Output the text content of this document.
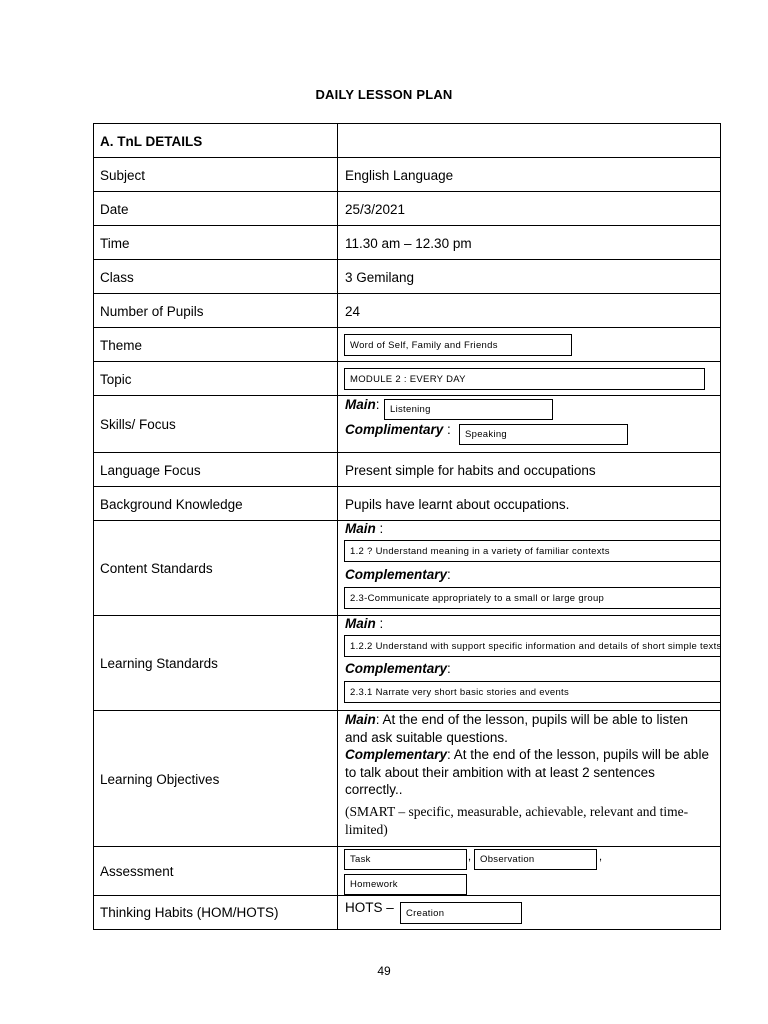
DAILY LESSON PLAN
A. TnL DETAILS
Subject	English Language
Date	25/3/2021
Time	11.30 am – 12.30 pm
Class	3 Gemilang
Number of Pupils	24
Theme	Word of Self, Family and Friends
Topic	MODULE 2 : EVERY DAY
Skills/ Focus
Main:	Listening
Complimentary :	Speaking
Language Focus	Present simple for habits and occupations
Background Knowledge	Pupils have learnt about occupations.
Content Standards
Main :
1.2 ? Understand meaning in a variety of familiar contexts
Complementary:
2.3-Communicate appropriately to a small or large group
Learning Standards
Main :
1.2.2 Understand with support specific information and details of short simple texts
Complementary:
2.3.1 Narrate very short basic stories and events
Learning Objectives
Main: At the end of the lesson, pupils will be able to listen and ask suitable questions.
Complementary: At the end of the lesson, pupils will be able to talk about their ambition with at least 2 sentences correctly..
(SMART – specific, measurable, achievable, relevant and time-limited)
Assessment
Task	, Observation	,
Homework
Thinking Habits (HOM/HOTS)	HOTS –	Creation
49
